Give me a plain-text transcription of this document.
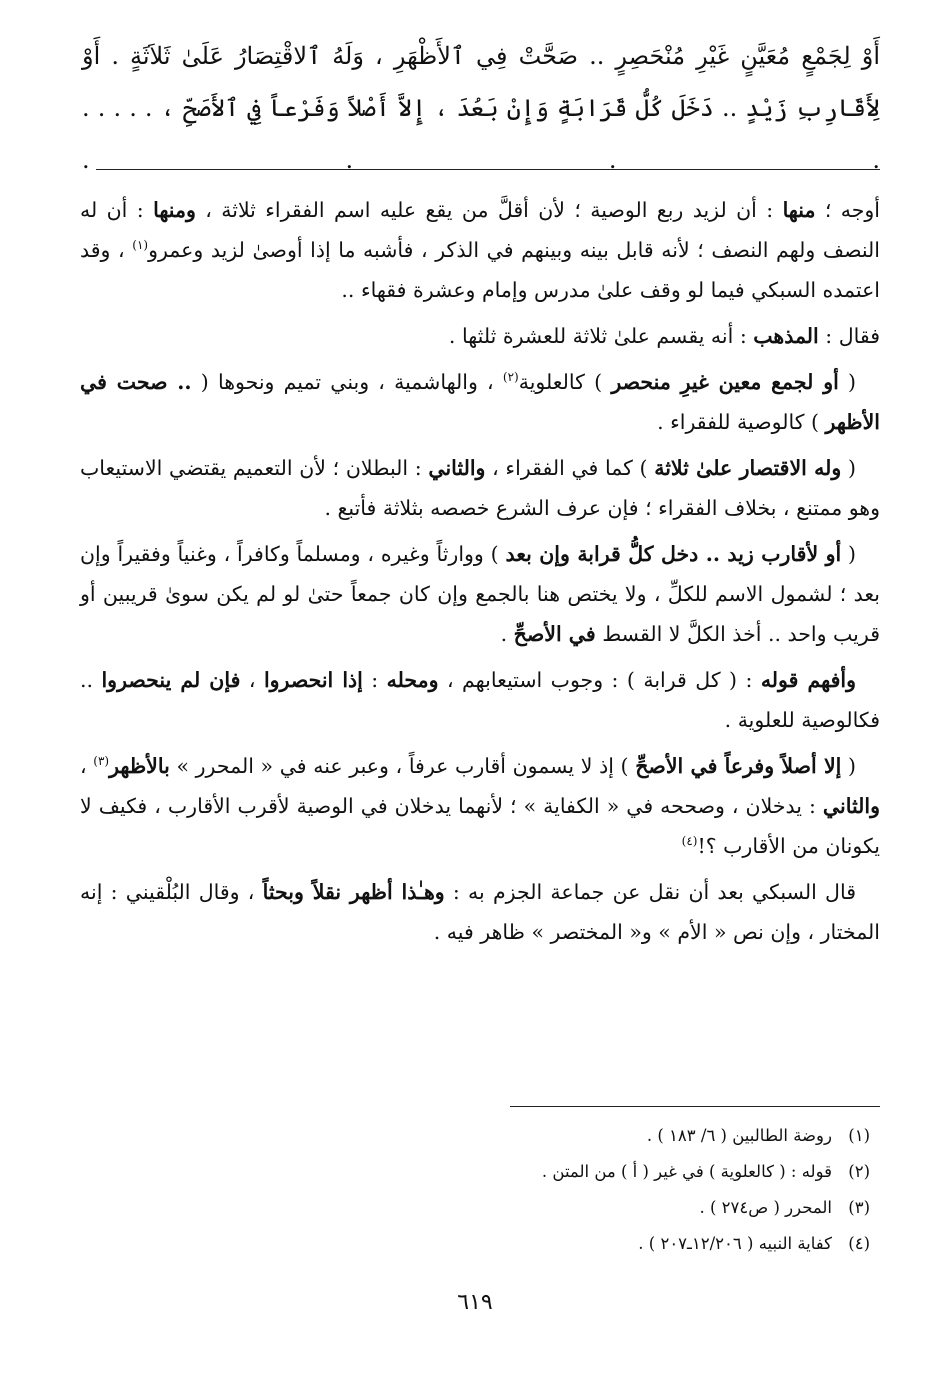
أَوْ لِجَمْعٍ مُعَيَّنٍ غَيْرِ مُنْحَصِرٍ .. صَحَّتْ فِي ٱلأَظْهَرِ ، وَلَهُ ٱلاقْتِصَارُ عَلَىٰ ثَلاَثَةٍ . أَوْ

لِأَقَارِبِ زَيْدٍ .. دَخَلَ كُلُّ قَرَابَةٍ وَإِنْ بَعُدَ ، إِلاَّ أَصْلاً وَفَرْعاً فِي ٱلأَصَحِّ ، . . . . . . . . .

أوجه ؛ منها : أن لزيد ربع الوصية ؛ لأن أقلَّ من يقع عليه اسم الفقراء ثلاثة ، ومنها : أن له النصف ولهم النصف ؛ لأنه قابل بينه وبينهم في الذكر ، فأشبه ما إذا أوصىٰ لزيد وعمرو$^{(١)}$ ، وقد اعتمده السبكي فيما لو وقف علىٰ مدرس وإمام وعشرة فقهاء ..

فقال : المذهب : أنه يقسم علىٰ ثلاثة للعشرة ثلثها .

( أو لجمع معين غيرِ منحصر ) كالعلوية$^{(٢)}$ ، والهاشمية ، وبني تميم ونحوها ( .. صحت في الأظهر ) كالوصية للفقراء .

( وله الاقتصار علىٰ ثلاثة ) كما في الفقراء ، والثاني : البطلان ؛ لأن التعميم يقتضي الاستيعاب وهو ممتنع ، بخلاف الفقراء ؛ فإن عرف الشرع خصصه بثلاثة فأتبع .

( أو لأقارب زيد .. دخل كلُّ قرابة وإن بعد ) ووارثاً وغيره ، ومسلماً وكافراً ، وغنياً وفقيراً وإن بعد ؛ لشمول الاسم للكلِّ ، ولا يختص هنا بالجمع وإن كان جمعاً حتىٰ لو لم يكن سوىٰ قريبين أو قريب واحد .. أخذ الكلَّ لا القسط في الأصحِّ .

وأفهم قوله : ( كل قرابة ) : وجوب استيعابهم ، ومحله : إذا انحصروا ، فإن لم ينحصروا .. فكالوصية للعلوية .

( إلا أصلاً وفرعاً في الأصحِّ ) إذ لا يسمون أقارب عرفاً ، وعبر عنه في « المحرر » بالأظهر$^{(٣)}$ ، والثاني : يدخلان ، وصححه في « الكفاية » ؛ لأنهما يدخلان في الوصية لأقرب الأقارب ، فكيف لا يكونان من الأقارب ؟!$^{(٤)}$

قال السبكي بعد أن نقل عن جماعة الجزم به : وهـٰذا أظهر نقلاً وبحثاً ، وقال البُلْقيني : إنه المختار ، وإن نص « الأم » و« المختصر » ظاهر فيه .

(١)
روضة الطالبين ( ٦/ ١٨٣ ) .
(٢)
قوله : ( كالعلوية ) في غير ( أ ) من المتن .
(٣)
المحرر ( ص٢٧٤ ) .
(٤)
كفاية النبيه ( ١٢/٢٠٦ـ٢٠٧ ) .
٦١٩
